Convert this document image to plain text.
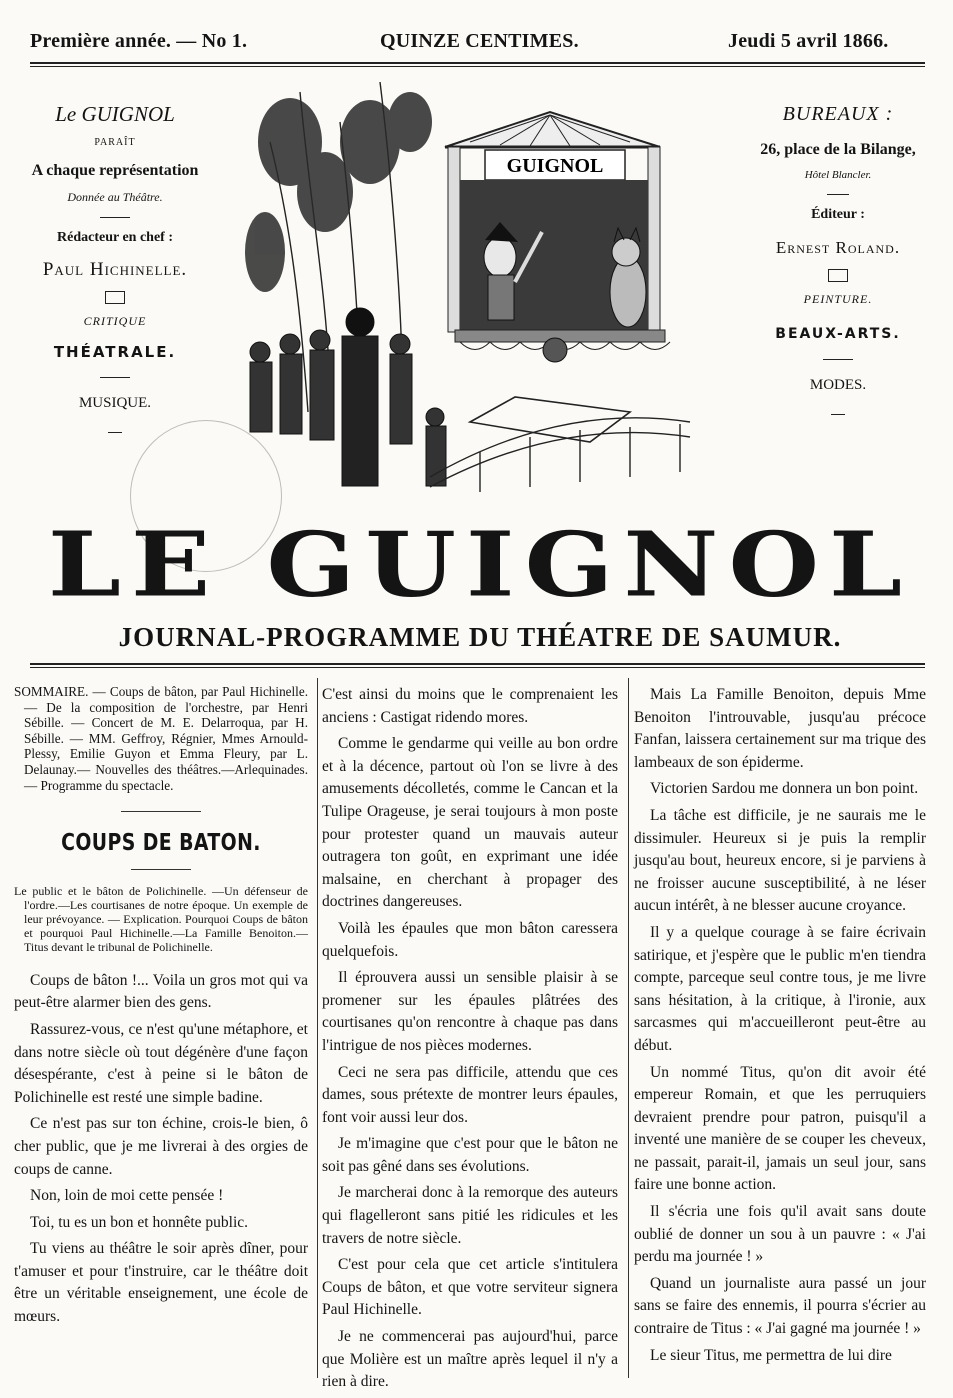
Première année. — No 1.	QUINZE CENTIMES.	Jeudi 5 avril 1866.
Le GUIGNOL
PARAÎT
A chaque représentation
Donnée au Théâtre.
Rédacteur en chef :
Paul Hichinelle.
CRITIQUE
THÉATRALE.
MUSIQUE.
BUREAUX :
26, place de la Bilange,
Hôtel Blancler.
Éditeur :
Ernest Roland.
PEINTURE.
BEAUX-ARTS.
MODES.
GUIGNOL
LE GUIGNOL
JOURNAL-PROGRAMME DU THÉATRE DE SAUMUR.

SOMMAIRE. — Coups de bâton, par Paul Hichinelle. — De la composition de l'orchestre, par Henri Sébille. — Concert de M. E. Delarroqua, par H. Sébille. — MM. Geffroy, Régnier, Mmes Arnould-Plessy, Emilie Guyon et Emma Fleury, par L. Delaunay.— Nouvelles des théâtres.—Arlequinades.— Programme du spectacle.

COUPS DE BATON.

Le public et le bâton de Polichinelle. —Un défenseur de l'ordre.—Les courtisanes de notre époque. Un exemple de leur prévoyance. — Explication. Pourquoi Coups de bâton et pourquoi Paul Hichinelle.—La Famille Benoiton.—Titus devant le tribunal de Polichinelle.

Coups de bâton !... Voila un gros mot qui va peut-être alarmer bien des gens.

Rassurez-vous, ce n'est qu'une métaphore, et dans notre siècle où tout dégénère d'une façon désespérante, c'est à peine si le bâton de Polichinelle est resté une simple badine.

Ce n'est pas sur ton échine, crois-le bien, ô cher public, que je me livrerai à des orgies de coups de canne.

Non, loin de moi cette pensée !

Toi, tu es un bon et honnête public.

Tu viens au théâtre le soir après dîner, pour t'amuser et pour t'instruire, car le théâtre doit être un véritable enseignement, une école de mœurs.

C'est ainsi du moins que le comprenaient les anciens : Castigat ridendo mores.

Comme le gendarme qui veille au bon ordre et à la décence, partout où l'on se livre à des amusements décolletés, comme le Cancan et la Tulipe Orageuse, je serai toujours à mon poste pour protester quand un mauvais auteur outragera ton goût, en exprimant une idée malsaine, en cherchant à propager des doctrines dangereuses.

Voilà les épaules que mon bâton caressera quelquefois.

Il éprouvera aussi un sensible plaisir à se promener sur les épaules plâtrées des courtisanes qu'on rencontre à chaque pas dans l'intrigue de nos pièces modernes.

Ceci ne sera pas difficile, attendu que ces dames, sous prétexte de montrer leurs épaules, font voir aussi leur dos.

Je m'imagine que c'est pour que le bâton ne soit pas gêné dans ses évolutions.

Je marcherai donc à la remorque des auteurs qui flagelleront sans pitié les ridicules et les travers de notre siècle.

C'est pour cela que cet article s'intitulera Coups de bâton, et que votre serviteur signera Paul Hichinelle.

Je ne commencerai pas aujourd'hui, parce que Molière est un maître après lequel il n'y a rien à dire.

Mais La Famille Benoiton, depuis Mme Benoiton l'introuvable, jusqu'au précoce Fanfan, laissera certainement sur ma trique des lambeaux de son épiderme.

Victorien Sardou me donnera un bon point.

La tâche est difficile, je ne saurais me le dissimuler. Heureux si je puis la remplir jusqu'au bout, heureux encore, si je parviens à ne froisser aucune susceptibilité, à ne léser aucun intérêt, à ne blesser aucune croyance.

Il y a quelque courage à se faire écrivain satirique, et j'espère que le public m'en tiendra compte, parceque seul contre tous, je me livre sans hésitation, à la critique, à l'ironie, aux sarcasmes qui m'accueilleront peut-être au début.

Un nommé Titus, qu'on dit avoir été empereur Romain, et que les perruquiers devraient prendre pour patron, puisqu'il a inventé une manière de se couper les cheveux, ne passait, parait-il, jamais un seul jour, sans faire une bonne action.

Il s'écria une fois qu'il avait sans doute oublié de donner un sou à un pauvre : « J'ai perdu ma journée ! »

Quand un journaliste aura passé un jour sans se faire des ennemis, il pourra s'écrier au contraire de Titus : « J'ai gagné ma journée ! »

Le sieur Titus, me permettra de lui dire
